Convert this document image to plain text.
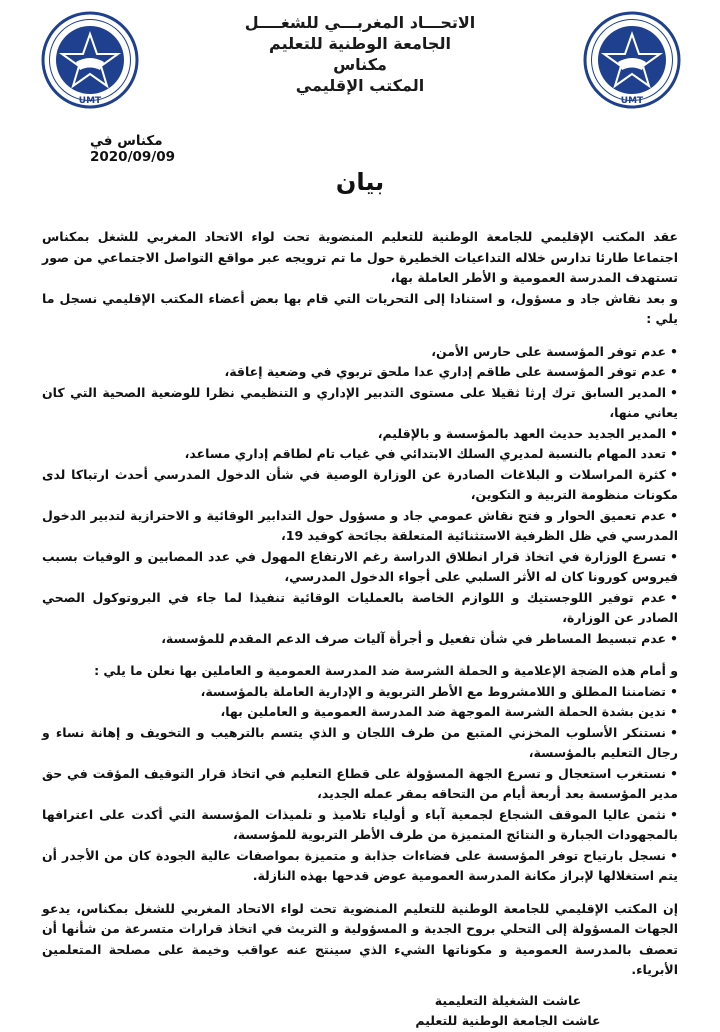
UMT	UMT
الاتحـــاد المغربـــي للشغــــل
الجامعة الوطنية للتعليم
مكناس
المكتب الإقليمي
مكناس في 2020/09/09
بيان

عقد المكتب الإقليمي للجامعة الوطنية للتعليم المنضوية تحت لواء الاتحاد المغربي للشغل بمكناس اجتماعا طارئا تدارس خلاله التداعيات الخطيرة حول ما تم ترويجه عبر مواقع التواصل الاجتماعي من صور تستهدف المدرسة العمومية و الأطر العاملة بها،

و بعد نقاش جاد و مسؤول، و استنادا إلى التحريات التي قام بها بعض أعضاء المكتب الإقليمي نسجل ما يلي :

•عدم توفر المؤسسة على حارس الأمن،
•عدم توفر المؤسسة على طاقم إداري عدا ملحق تربوي في وضعية إعاقة،
•المدير السابق ترك إرثا ثقيلا على مستوى التدبير الإداري و التنظيمي نظرا للوضعية الصحية التي كان يعاني منها،
•المدير الجديد حديث العهد بالمؤسسة و بالإقليم،
•تعدد المهام بالنسبة لمديري السلك الابتدائي في غياب تام لطاقم إداري مساعد،
•كثرة المراسلات و البلاغات الصادرة عن الوزارة الوصية في شأن الدخول المدرسي أحدث ارتباكا لدى مكونات منظومة التربية و التكوين،
•عدم تعميق الحوار و فتح نقاش عمومي جاد و مسؤول حول التدابير الوقائية و الاحترازية لتدبير الدخول المدرسي في ظل الظرفية الاستثنائية المتعلقة بجائحة كوفيد 19،
•تسرع الوزارة في اتخاذ قرار انطلاق الدراسة رغم الارتفاع المهول في عدد المصابين و الوفيات بسبب فيروس كورونا كان له الأثر السلبي على أجواء الدخول المدرسي،
•عدم توفير اللوجستيك و اللوازم الخاصة بالعمليات الوقائية تنفيذا لما جاء في البروتوكول الصحي الصادر عن الوزارة،
•عدم تبسيط المساطر في شأن تفعيل و أجرأة آليات صرف الدعم المقدم للمؤسسة،

و أمام هذه الضجة الإعلامية و الحملة الشرسة ضد المدرسة العمومية و العاملين بها نعلن ما يلي :

•تضامننا المطلق و اللامشروط مع الأطر التربوية و الإدارية العاملة بالمؤسسة،
•ندين بشدة الحملة الشرسة الموجهة ضد المدرسة العمومية و العاملين بها،
•نستنكر الأسلوب المخزني المتبع من طرف اللجان و الذي يتسم بالترهيب و التخويف و إهانة نساء و رجال التعليم بالمؤسسة،
•نستغرب استعجال و تسرع الجهة المسؤولة على قطاع التعليم في اتخاذ قرار التوقيف المؤقت في حق مدير المؤسسة بعد أربعة أيام من التحاقه بمقر عمله الجديد،
•نثمن عاليا الموقف الشجاع لجمعية آباء و أولياء تلاميذ و تلميذات المؤسسة التي أكدت على اعترافها بالمجهودات الجبارة و النتائج المتميزة من طرف الأطر التربوية للمؤسسة،
•نسجل بارتياح توفر المؤسسة على فضاءات جذابة و متميزة بمواصفات عالية الجودة كان من الأجدر أن يتم استغلالها لإبراز مكانة المدرسة العمومية عوض قدحها بهذه النازلة.

إن المكتب الإقليمي للجامعة الوطنية للتعليم المنضوية تحت لواء الاتحاد المغربي للشغل بمكناس، يدعو الجهات المسؤولة إلى التحلي بروح الجدية و المسؤولية و التريث في اتخاذ قرارات متسرعة من شأنها أن تعصف بالمدرسة العمومية و مكوناتها الشيء الذي سينتج عنه عواقب وخيمة على مصلحة المتعلمين الأبرياء.

عاشت الشغيلة التعليمية
عاشت الجامعة الوطنية للتعليم
